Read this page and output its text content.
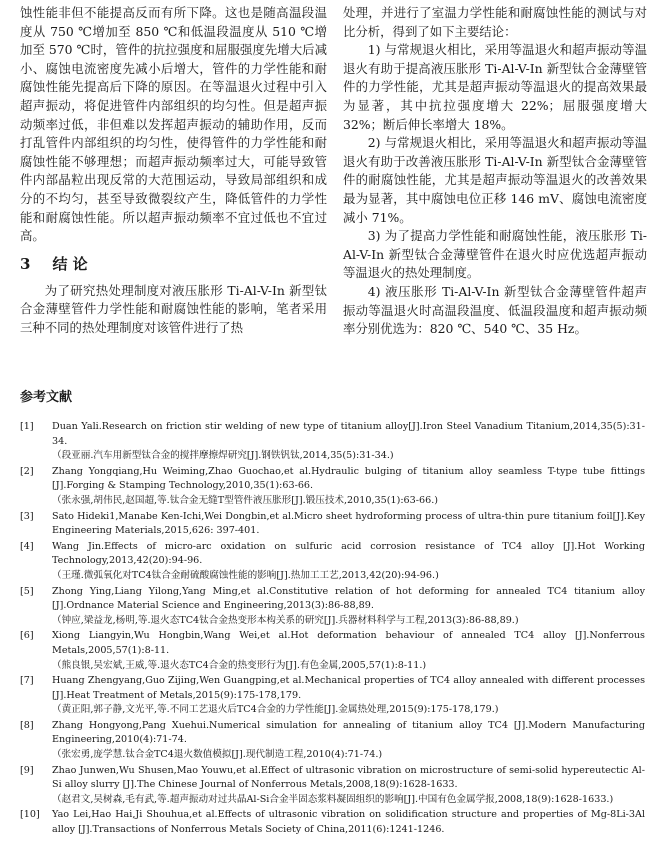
蚀性能非但不能提高反而有所下降。这也是随高温段温度从 750 ℃增加至 850 ℃和低温段温度从 510 ℃增加至 570 ℃时，管件的抗拉强度和屈服强度先增大后减小、腐蚀电流密度先减小后增大，管件的力学性能和耐腐蚀性能先提高后下降的原因。在等温退火过程中引入超声振动，将促进管件内部组织的均匀性。但是超声振动频率过低，非但难以发挥超声振动的辅助作用，反而打乱管件内部组织的均匀性，使得管件的力学性能和耐腐蚀性能不够理想；而超声振动频率过大，可能导致管件内部晶粒出现反常的大范围运动，导致局部组织和成分的不均匀，甚至导致微裂纹产生，降低管件的力学性能和耐腐蚀性能。所以超声振动频率不宜过低也不宜过高。

3 结 论

为了研究热处理制度对液压胀形 Ti-Al-V-In 新型钛合金薄壁管件力学性能和耐腐蚀性能的影响，笔者采用三种不同的热处理制度对该管件进行了热

处理，并进行了室温力学性能和耐腐蚀性能的测试与对比分析，得到了如下主要结论：

1) 与常规退火相比，采用等温退火和超声振动等温退火有助于提高液压胀形 Ti-Al-V-In 新型钛合金薄壁管件的力学性能，尤其是超声振动等温退火的提高效果最为显著，其中抗拉强度增大 22%；屈服强度增大 32%；断后伸长率增大 18%。

2) 与常规退火相比，采用等温退火和超声振动等温退火有助于改善液压胀形 Ti-Al-V-In 新型钛合金薄壁管件的耐腐蚀性能，尤其是超声振动等温退火的改善效果最为显著，其中腐蚀电位正移 146 mV、腐蚀电流密度减小 71%。

3) 为了提高力学性能和耐腐蚀性能，液压胀形 Ti-Al-V-In 新型钛合金薄壁管件在退火时应优选超声振动等温退火的热处理制度。

4) 液压胀形 Ti-Al-V-In 新型钛合金薄壁管件超声振动等温退火时高温段温度、低温段温度和超声振动频率分别优选为：820 ℃、540 ℃、35 Hz。

参考文献
[1]	Duan Yali.Research on friction stir welding of new type of titanium alloy[J].Iron Steel Vanadium Titanium,2014,35(5):31-34.
（段亚丽.汽车用新型钛合金的搅拌摩擦焊研究[J].钢铁钒钛,2014,35(5):31-34.)
[2]	Zhang Yongqiang,Hu Weiming,Zhao Guochao,et al.Hydraulic bulging of titanium alloy seamless T-type tube fittings [J].Forging & Stamping Technology,2010,35(1):63-66.
（张永强,胡伟民,赵国超,等.钛合金无缝T型管件液压胀形[J].锻压技术,2010,35(1):63-66.)
[3]	Sato Hideki1,Manabe Ken-Ichi,Wei Dongbin,et al.Micro sheet hydroforming process of ultra-thin pure titanium foil[J].Key Engineering Materials,2015,626: 397-401.
[4]	Wang Jin.Effects of micro-arc oxidation on sulfuric acid corrosion resistance of TC4 alloy [J].Hot Working Technology,2013,42(20):94-96.
（王瑾.微弧氧化对TC4钛合金耐硫酸腐蚀性能的影响[J].热加工工艺,2013,42(20):94-96.)
[5]	Zhong Ying,Liang Yilong,Yang Ming,et al.Constitutive relation of hot deforming for annealed TC4 titanium alloy [J].Ordnance Material Science and Engineering,2013(3):86-88,89.
（钟应,梁益龙,杨明,等.退火态TC4钛合金热变形本构关系的研究[J].兵器材料科学与工程,2013(3):86-88,89.)
[6]	Xiong Liangyin,Wu Hongbin,Wang Wei,et al.Hot deformation behaviour of annealed TC4 alloy [J].Nonferrous Metals,2005,57(1):8-11.
（熊良银,吴宏斌,王威,等.退火态TC4合金的热变形行为[J].有色金属,2005,57(1):8-11.)
[7]	Huang Zhengyang,Guo Zijing,Wen Guangping,et al.Mechanical properties of TC4 alloy annealed with different processes [J].Heat Treatment of Metals,2015(9):175-178,179.
（黄正阳,郭子静,文光平,等.不同工艺退火后TC4合金的力学性能[J].金属热处理,2015(9):175-178,179.)
[8]	Zhang Hongyong,Pang Xuehui.Numerical simulation for annealing of titanium alloy TC4 [J].Modern Manufacturing Engineering,2010(4):71-74.
（张宏勇,庞学慧.钛合金TC4退火数值模拟[J].现代制造工程,2010(4):71-74.)
[9]	Zhao Junwen,Wu Shusen,Mao Youwu,et al.Effect of ultrasonic vibration on microstructure of semi-solid hypereutectic Al-Si alloy slurry [J].The Chinese Journal of Nonferrous Metals,2008,18(9):1628-1633.
（赵君文,吴树森,毛有武,等.超声振动对过共晶Al-Si合金半固态浆料凝固组织的影响[J].中国有色金属学报,2008,18(9):1628-1633.)
[10]	Yao Lei,Hao Hai,Ji Shouhua,et al.Effects of ultrasonic vibration on solidification structure and properties of Mg-8Li-3Al alloy [J].Transactions of Nonferrous Metals Society of China,2011(6):1241-1246.
